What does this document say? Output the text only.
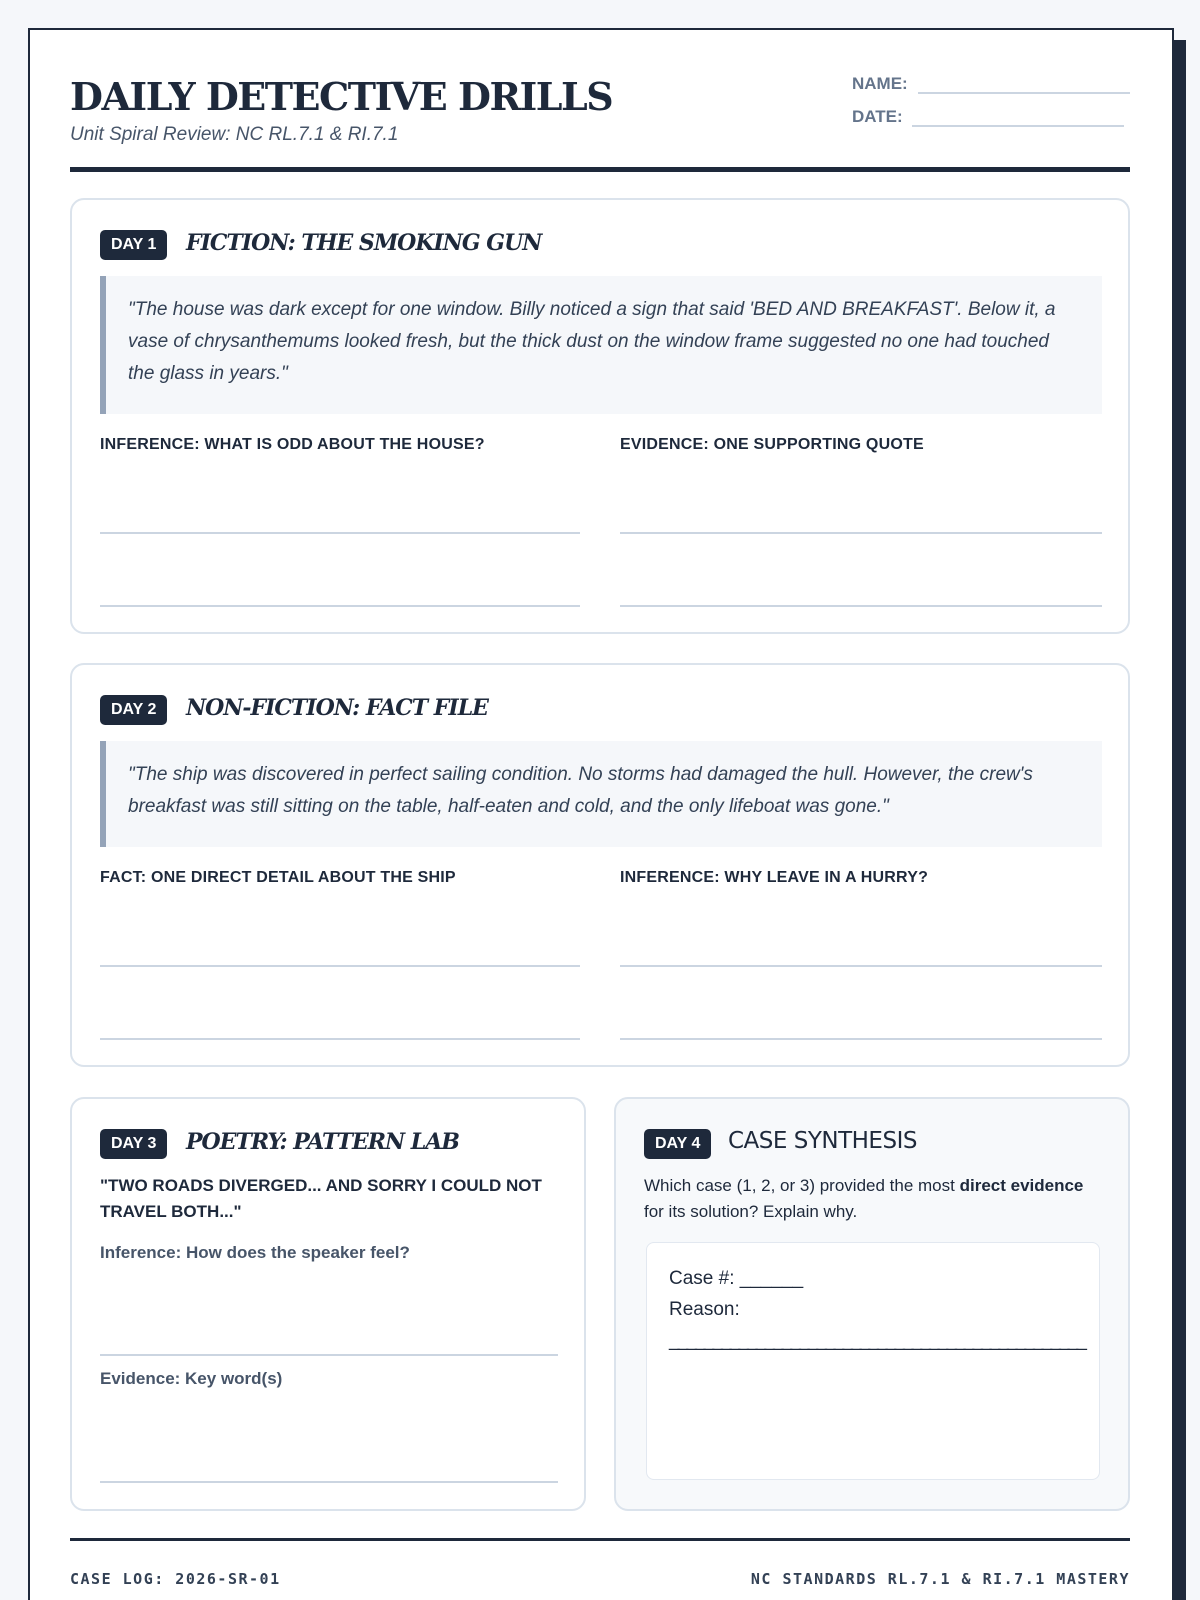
DAILY DETECTIVE DRILLS
Unit Spiral Review: NC RL.7.1 & RI.7.1
NAME:
DATE:
DAY 1	FICTION: THE SMOKING GUN
"The house was dark except for one window. Billy noticed a sign that said 'BED AND BREAKFAST'. Below it, a vase of chrysanthemums looked fresh, but the thick dust on the window frame suggested no one had touched the glass in years."
INFERENCE: WHAT IS ODD ABOUT THE HOUSE?	EVIDENCE: ONE SUPPORTING QUOTE
DAY 2	NON-FICTION: FACT FILE
"The ship was discovered in perfect sailing condition. No storms had damaged the hull. However, the crew's breakfast was still sitting on the table, half-eaten and cold, and the only lifeboat was gone."
FACT: ONE DIRECT DETAIL ABOUT THE SHIP	INFERENCE: WHY LEAVE IN A HURRY?
DAY 3	POETRY: PATTERN LAB
"TWO ROADS DIVERGED... AND SORRY I COULD NOT TRAVEL BOTH..."
Inference: How does the speaker feel?
Evidence: Key word(s)
DAY 4	CASE SYNTHESIS
Which case (1, 2, or 3) provided the most direct evidence for its solution? Explain why.
Case #: ______
Reason:
________________________________________________
CASE LOG: 2026-SR-01	NC STANDARDS RL.7.1 & RI.7.1 MASTERY
